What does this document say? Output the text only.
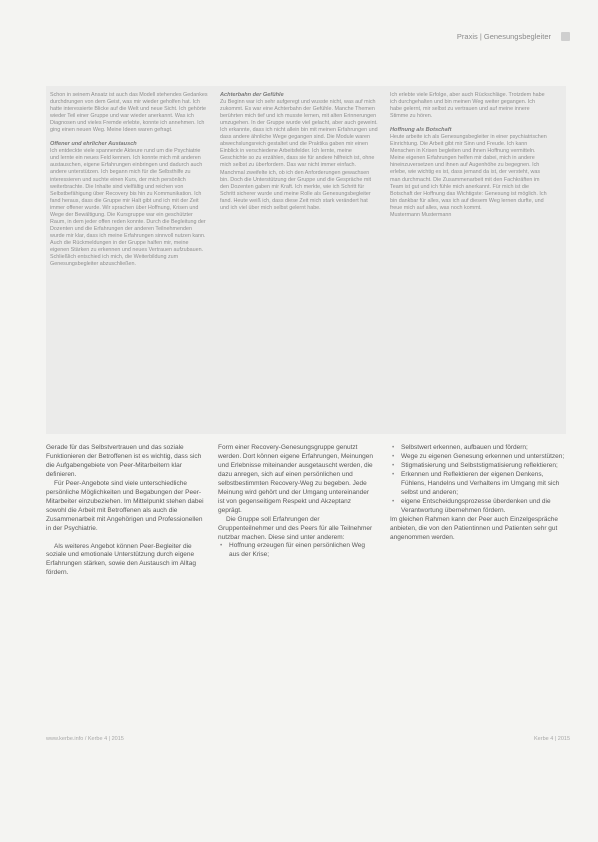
Praxis | Genesungsbegleiter

Schon in seinem Ansatz ist auch das Modell stehendes Gedankes durchdrungen von dem Geist, was mir wieder geholfen hat. Ich hatte interessierte Blicke auf die Welt und neue Sicht. Ich gehörte wieder Teil einer Gruppe und war wieder anerkannt. Was ich Diagnosen und vieles Fremde erlebte, konnte ich annehmen. Ich ging einen neuen Weg. Meine Ideen waren gefragt.

Offener und ehrlicher Austausch

Ich entdeckte viele spannende Akteure rund um die Psychiatrie und lernte ein neues Feld kennen. Ich konnte mich mit anderen austauschen, eigene Erfahrungen einbringen und dadurch auch andere unterstützen. Ich begann mich für die Selbsthilfe zu interessieren und suchte einen Kurs, der mich persönlich weiterbrachte. Die Inhalte sind vielfältig und reichen von Selbstbefähigung über Recovery bis hin zu Kommunikation. Ich fand heraus, dass die Gruppe mir Halt gibt und ich mit der Zeit immer offener wurde. Wir sprachen über Hoffnung, Krisen und Wege der Bewältigung. Die Kursgruppe war ein geschützter Raum, in dem jeder offen reden konnte. Durch die Begleitung der Dozenten und die Erfahrungen der anderen Teilnehmenden wurde mir klar, dass ich meine Erfahrungen sinnvoll nutzen kann. Auch die Rückmeldungen in der Gruppe halfen mir, meine eigenen Stärken zu erkennen und neues Vertrauen aufzubauen. Schließlich entschied ich mich, die Weiterbildung zum Genesungsbegleiter abzuschließen.

Achterbahn der Gefühle

Zu Beginn war ich sehr aufgeregt und wusste nicht, was auf mich zukommt. Es war eine Achterbahn der Gefühle. Manche Themen berührten mich tief und ich musste lernen, mit alten Erinnerungen umzugehen. In der Gruppe wurde viel gelacht, aber auch geweint. Ich erkannte, dass ich nicht allein bin mit meinen Erfahrungen und dass andere ähnliche Wege gegangen sind. Die Module waren abwechslungsreich gestaltet und die Praktika gaben mir einen Einblick in verschiedene Arbeitsfelder. Ich lernte, meine Geschichte so zu erzählen, dass sie für andere hilfreich ist, ohne mich selbst zu überfordern. Das war nicht immer einfach. Manchmal zweifelte ich, ob ich den Anforderungen gewachsen bin. Doch die Unterstützung der Gruppe und die Gespräche mit den Dozenten gaben mir Kraft. Ich merkte, wie ich Schritt für Schritt sicherer wurde und meine Rolle als Genesungsbegleiter fand. Heute weiß ich, dass diese Zeit mich stark verändert hat und ich viel über mich selbst gelernt habe.

Ich erlebte viele Erfolge, aber auch Rückschläge. Trotzdem habe ich durchgehalten und bin meinen Weg weiter gegangen. Ich habe gelernt, mir selbst zu vertrauen und auf meine innere Stimme zu hören.

Hoffnung als Botschaft

Heute arbeite ich als Genesungsbegleiter in einer psychiatrischen Einrichtung. Die Arbeit gibt mir Sinn und Freude. Ich kann Menschen in Krisen begleiten und ihnen Hoffnung vermitteln. Meine eigenen Erfahrungen helfen mir dabei, mich in andere hineinzuversetzen und ihnen auf Augenhöhe zu begegnen. Ich erlebe, wie wichtig es ist, dass jemand da ist, der versteht, was man durchmacht. Die Zusammenarbeit mit den Fachkräften im Team ist gut und ich fühle mich anerkannt. Für mich ist die Botschaft der Hoffnung das Wichtigste: Genesung ist möglich. Ich bin dankbar für alles, was ich auf diesem Weg lernen durfte, und freue mich auf alles, was noch kommt.

Mustermann Mustermann

Gerade für das Selbstvertrauen und das soziale Funktionieren der Betroffenen ist es wichtig, dass sich die Aufgabengebiete von Peer-Mitarbeitern klar definieren.

Für Peer-Angebote sind viele unterschiedliche persönliche Möglichkeiten und Begabungen der Peer-Mitarbeiter einzubeziehen. Im Mittelpunkt stehen dabei sowohl die Arbeit mit Betroffenen als auch die Zusammenarbeit mit Angehörigen und Professionellen in der Psychiatrie.

Als weiteres Angebot können Peer-Begleiter die soziale und emotionale Unterstützung durch eigene Erfahrungen stärken, sowie den Austausch im Alltag fördern.

Form einer Recovery-Genesungsgruppe genutzt werden. Dort können eigene Erfahrungen, Meinungen und Erlebnisse miteinander ausgetauscht werden, die dazu anregen, sich auf einen persönlichen und selbstbestimmten Recovery-Weg zu begeben. Jede Meinung wird gehört und der Umgang untereinander ist von gegenseitigem Respekt und Akzeptanz geprägt.

Die Gruppe soll Erfahrungen der Gruppenteilnehmer und des Peers für alle Teilnehmer nutzbar machen. Diese sind unter anderem:

• Hoffnung erzeugen für einen persönlichen Weg aus der Krise;
• Selbstwert erkennen, aufbauen und fördern;
• Wege zu eigenen Genesung erkennen und unterstützen;
• Stigmatisierung und Selbststigmatisierung reflektieren;
• Erkennen und Reflektieren der eigenen Denkens, Fühlens, Handelns und Verhaltens im Umgang mit sich selbst und anderen;
• eigene Entscheidungsprozesse überdenken und die Verantwortung übernehmen fördern.

Im gleichen Rahmen kann der Peer auch Einzelgespräche anbieten, die von den Patientinnen und Patienten sehr gut angenommen werden.

www.kerbe.info / Kerbe 4 | 2015	Kerbe 4 | 2015
